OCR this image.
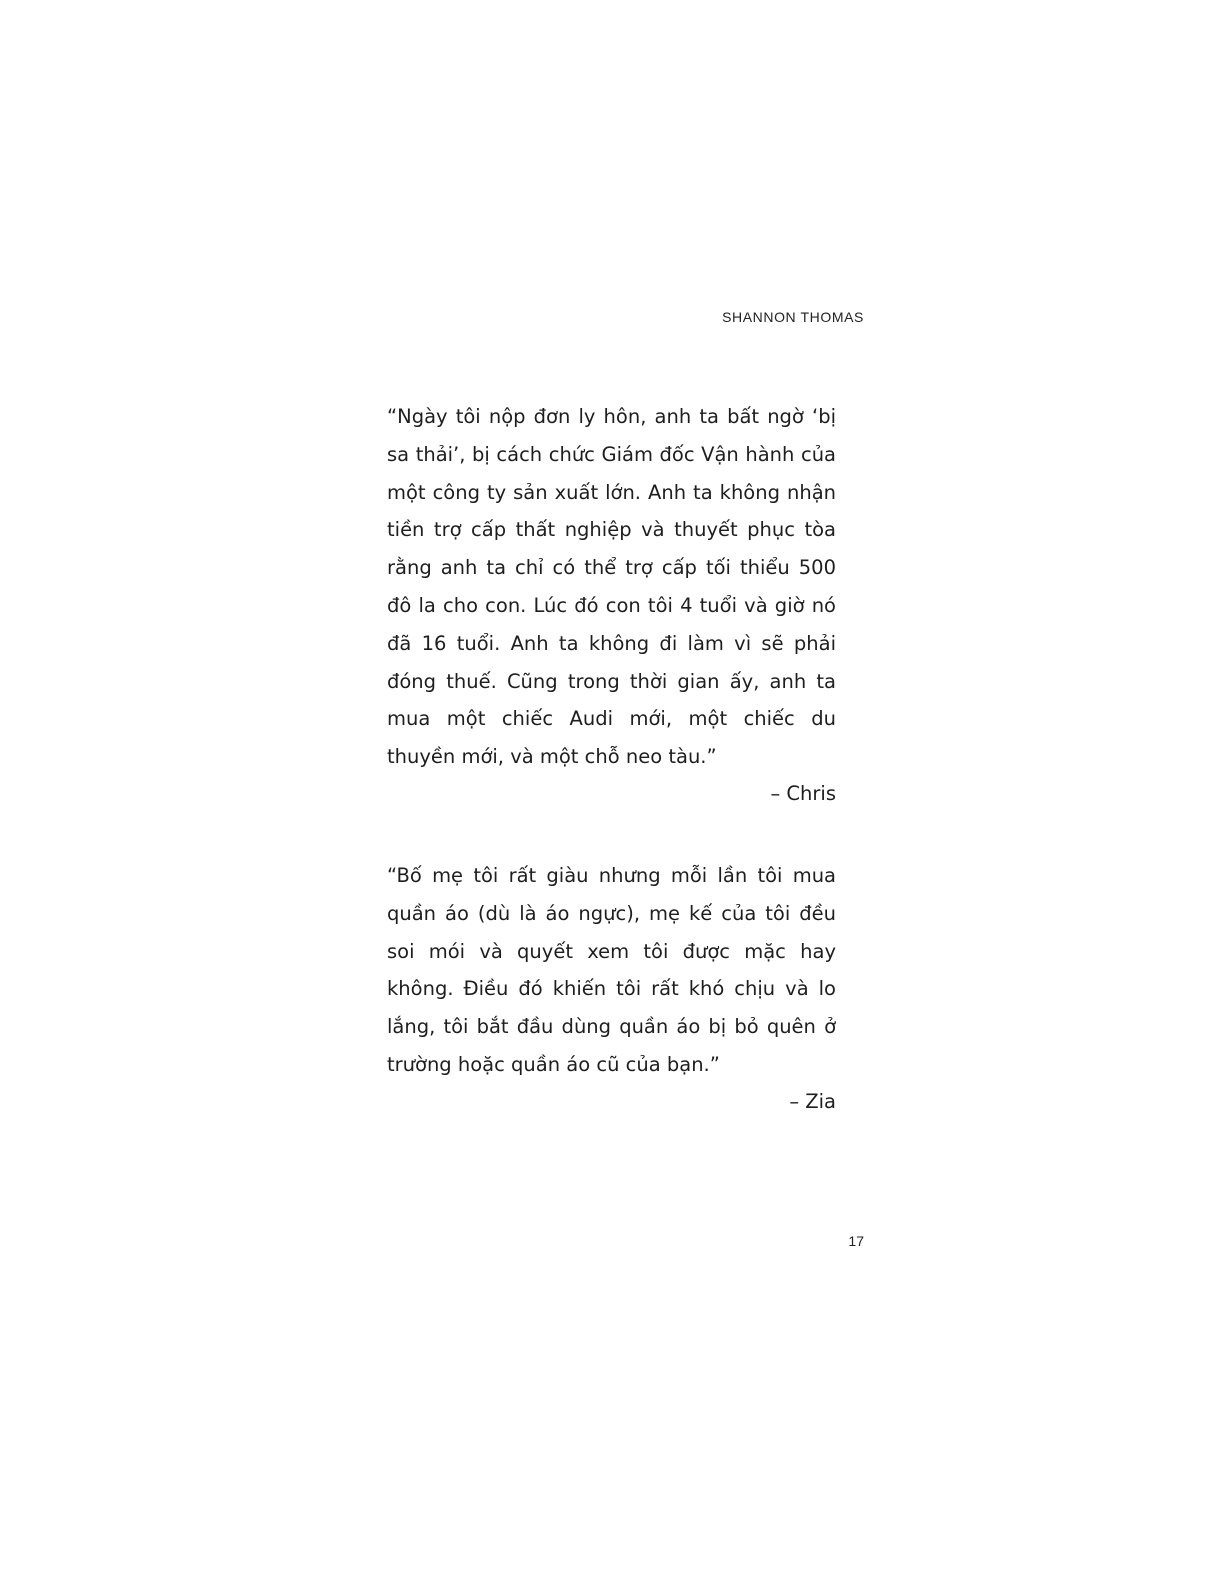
SHANNON THOMAS

“Ngày tôi nộp đơn ly hôn, anh ta bất ngờ ‘bị sa thải’, bị cách chức Giám đốc Vận hành của một công ty sản xuất lớn. Anh ta không nhận tiền trợ cấp thất nghiệp và thuyết phục tòa rằng anh ta chỉ có thể trợ cấp tối thiểu 500 đô la cho con. Lúc đó con tôi 4 tuổi và giờ nó đã 16 tuổi. Anh ta không đi làm vì sẽ phải đóng thuế. Cũng trong thời gian ấy, anh ta mua một chiếc Audi mới, một chiếc du thuyền mới, và một chỗ neo tàu.”

– Chris

“Bố mẹ tôi rất giàu nhưng mỗi lần tôi mua quần áo (dù là áo ngực), mẹ kế của tôi đều soi mói và quyết xem tôi được mặc hay không. Điều đó khiến tôi rất khó chịu và lo lắng, tôi bắt đầu dùng quần áo bị bỏ quên ở trường hoặc quần áo cũ của bạn.”

– Zia
17
